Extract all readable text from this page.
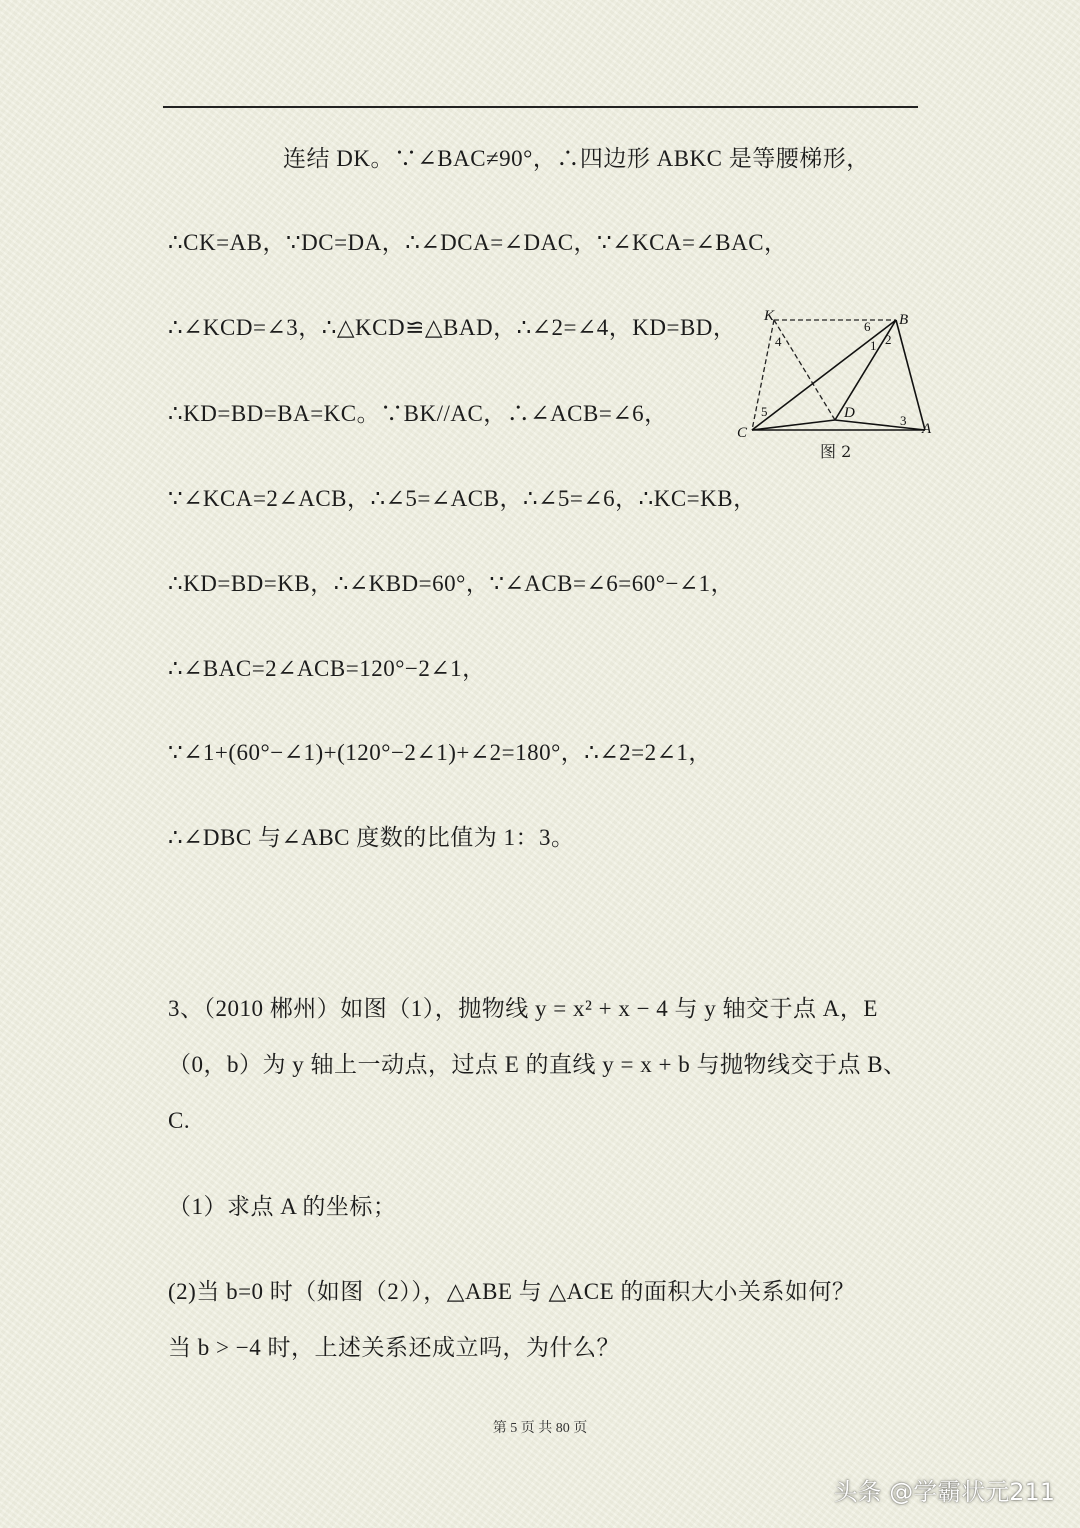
连结 DK。∵∠BAC≠90°，∴四边形 ABKC 是等腰梯形，
∴CK=AB，∵DC=DA，∴∠DCA=∠DAC，∵∠KCA=∠BAC，
∴∠KCD=∠3，∴△KCD≌△BAD，∴∠2=∠4，KD=BD，
∴KD=BD=BA=KC。∵BK//AC，∴∠ACB=∠6，
∵∠KCA=2∠ACB，∴∠5=∠ACB，∴∠5=∠6，∴KC=KB，
∴KD=BD=KB，∴∠KBD=60°，∵∠ACB=∠6=60°−∠1，
∴∠BAC=2∠ACB=120°−2∠1，
∵∠1+(60°−∠1)+(120°−2∠1)+∠2=180°，∴∠2=2∠1，
∴∠DBC 与∠ABC 度数的比值为 1：3。
K	B
C	A
D
1 2
3
4
5
6
图 2
3、（2010 郴州）如图（1），抛物线 y = x² + x − 4 与 y 轴交于点 A，E
（0，b）为 y 轴上一动点，过点 E 的直线 y = x + b 与抛物线交于点 B、
C.
（1）求点 A 的坐标；
(2)当 b=0 时（如图（2）），△ABE 与 △ACE 的面积大小关系如何？
当 b > −4 时，上述关系还成立吗，为什么？
第 5 页 共 80 页
头条 @学霸状元211
